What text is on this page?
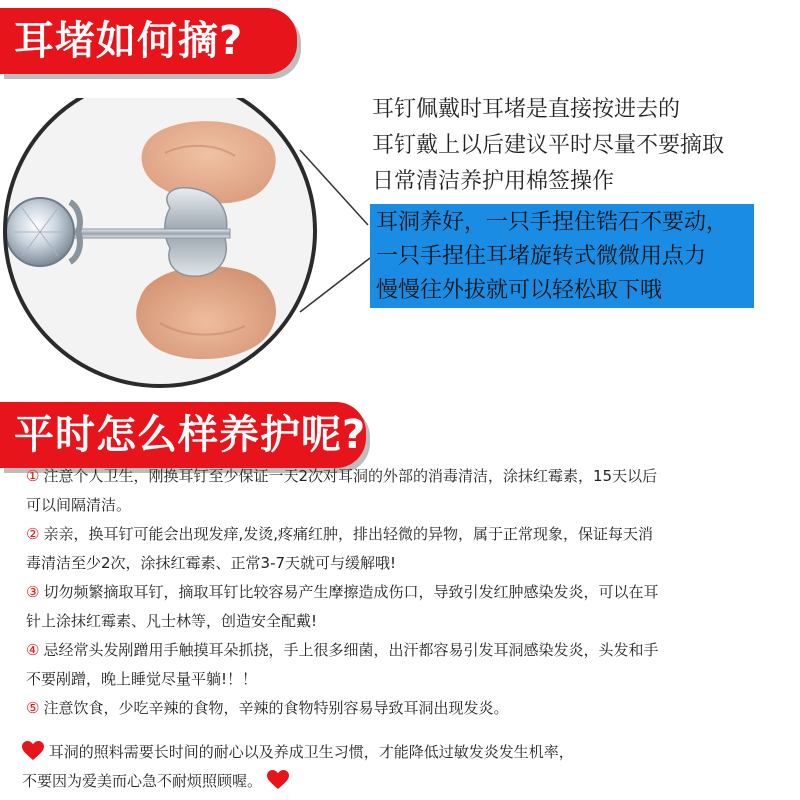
耳堵如何摘?
耳钉佩戴时耳堵是直接按进去的
耳钉戴上以后建议平时尽量不要摘取
日常清洁养护用棉签操作
耳洞养好，一只手捏住锆石不要动，
一只手捏住耳堵旋转式微微用点力
慢慢往外拔就可以轻松取下哦
平时怎么样养护呢?
① 注意个人卫生，刚换耳钉至少保证一天2次对耳洞的外部的消毒清洁，涂抹红霉素，15天以后
可以间隔清洁。
② 亲亲，换耳钉可能会出现发痒,发烫,疼痛红肿，排出轻微的异物，属于正常现象，保证每天消
毒清洁至少2次，涂抹红霉素、正常3-7天就可与缓解哦!
③ 切勿频繁摘取耳钉，摘取耳钉比较容易产生摩擦造成伤口，导致引发红肿感染发炎，可以在耳
针上涂抹红霉素、凡士林等，创造安全配戴!
④ 忌经常头发剐蹭用手触摸耳朵抓挠，手上很多细菌，出汗都容易引发耳洞感染发炎，头发和手
不要剐蹭，晚上睡觉尽量平躺!！！
⑤ 注意饮食，少吃辛辣的食物，辛辣的食物特别容易导致耳洞出现发炎。
耳洞的照料需要长时间的耐心以及养成卫生习惯，才能降低过敏发炎发生机率，
不要因为爱美而心急不耐烦照顾喔。
